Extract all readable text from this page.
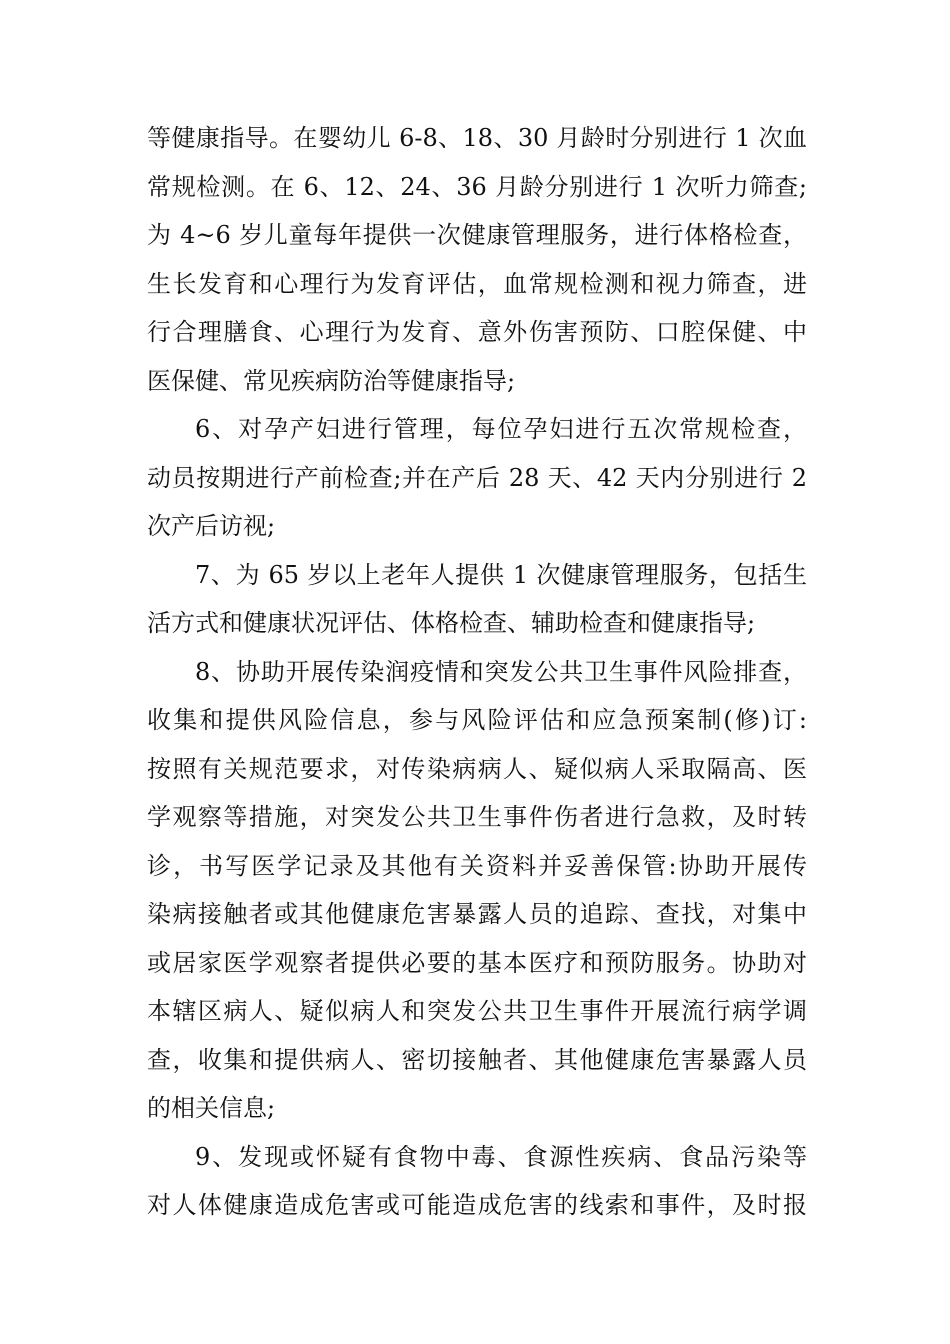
等健康指导。在婴幼儿 6-8、18、30 月龄时分别进行 1 次血
常规检测。在 6、12、24、36 月龄分别进行 1 次听力筛查;
为 4~6 岁儿童每年提供一次健康管理服务，进行体格检查，
生长发育和心理行为发育评估，血常规检测和视力筛查，进
行合理膳食、心理行为发育、意外伤害预防、口腔保健、中
医保健、常见疾病防治等健康指导;
6、对孕产妇进行管理，每位孕妇进行五次常规检查，
动员按期进行产前检查;并在产后 28 天、42 天内分别进行 2
次产后访视;
7、为 65 岁以上老年人提供 1 次健康管理服务，包括生
活方式和健康状况评估、体格检查、辅助检查和健康指导;
8、协助开展传染润疫情和突发公共卫生事件风险排查，
收集和提供风险信息，参与风险评估和应急预案制(修)订:
按照有关规范要求，对传染病病人、疑似病人采取隔高、医
学观察等措施，对突发公共卫生事件伤者进行急救，及时转
诊，书写医学记录及其他有关资料并妥善保管:协助开展传
染病接触者或其他健康危害暴露人员的追踪、查找，对集中
或居家医学观察者提供必要的基本医疗和预防服务。协助对
本辖区病人、疑似病人和突发公共卫生事件开展流行病学调
查，收集和提供病人、密切接触者、其他健康危害暴露人员
的相关信息;
9、发现或怀疑有食物中毒、食源性疾病、食品污染等
对人体健康造成危害或可能造成危害的线索和事件，及时报
